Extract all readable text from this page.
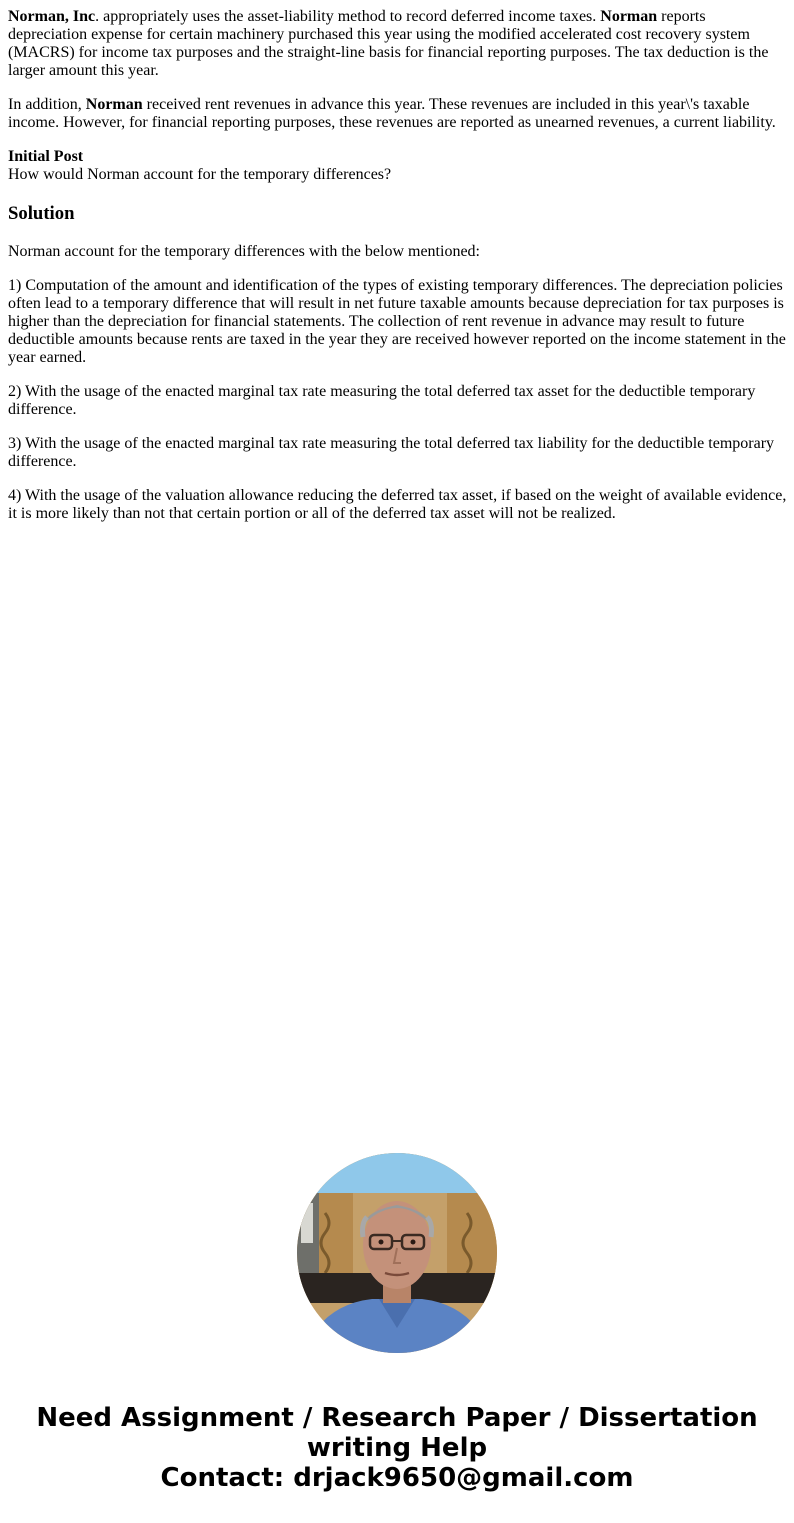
Norman, Inc. appropriately uses the asset-liability method to record deferred income taxes. Norman reports depreciation expense for certain machinery purchased this year using the modified accelerated cost recovery system (MACRS) for income tax purposes and the straight-line basis for financial reporting purposes. The tax deduction is the larger amount this year.

In addition, Norman received rent revenues in advance this year. These revenues are included in this year\'s taxable income. However, for financial reporting purposes, these revenues are reported as unearned revenues, a current liability.

Initial Post
How would Norman account for the temporary differences?

Solution

Norman account for the temporary differences with the below mentioned:

1) Computation of the amount and identification of the types of existing temporary differences. The depreciation policies often lead to a temporary difference that will result in net future taxable amounts because depreciation for tax purposes is higher than the depreciation for financial statements. The collection of rent revenue in advance may result to future deductible amounts because rents are taxed in the year they are received however reported on the income statement in the year earned.

2) With the usage of the enacted marginal tax rate measuring the total deferred tax asset for the deductible temporary difference.

3) With the usage of the enacted marginal tax rate measuring the total deferred tax liability for the deductible temporary difference.

4) With the usage of the valuation allowance reducing the deferred tax asset, if based on the weight of available evidence, it is more likely than not that certain portion or all of the deferred tax asset will not be realized.

Need Assignment / Research Paper / Dissertation
writing Help
Contact: drjack9650@gmail.com
